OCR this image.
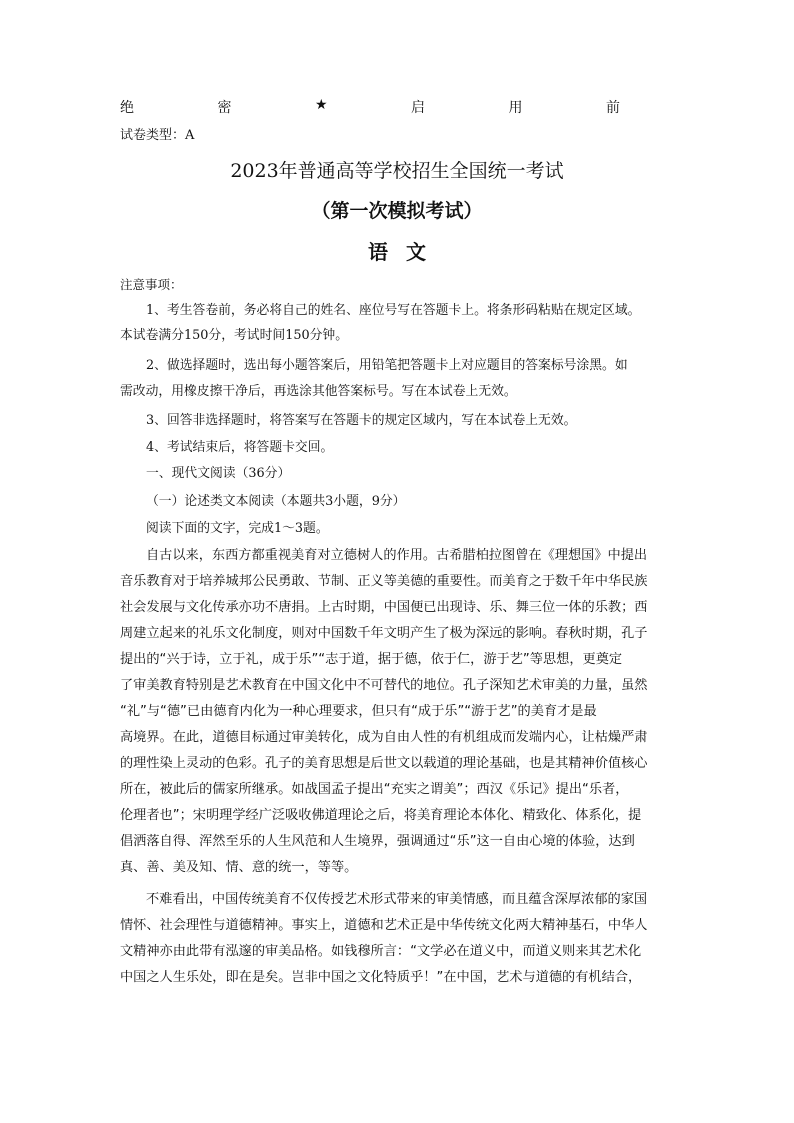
绝	密	★	启	用	前
试卷类型：A
2023年普通高等学校招生全国统一考试
（第一次模拟考试）
语文
注意事项：
1、考生答卷前，务必将自己的姓名、座位号写在答题卡上。将条形码粘贴在规定区域。
本试卷满分150分，考试时间150分钟。
2、做选择题时，选出每小题答案后，用铅笔把答题卡上对应题目的答案标号涂黑。如
需改动，用橡皮擦干净后，再选涂其他答案标号。写在本试卷上无效。
3、回答非选择题时，将答案写在答题卡的规定区域内，写在本试卷上无效。
4、考试结束后，将答题卡交回。
一、现代文阅读（36分）
（一）论述类文本阅读（本题共3小题，9分）
阅读下面的文字，完成1～3题。
自古以来，东西方都重视美育对立德树人的作用。古希腊柏拉图曾在《理想国》中提出
音乐教育对于培养城邦公民勇敢、节制、正义等美德的重要性。而美育之于数千年中华民族
社会发展与文化传承亦功不唐捐。上古时期，中国便已出现诗、乐、舞三位一体的乐教；西
周建立起来的礼乐文化制度，则对中国数千年文明产生了极为深远的影响。春秋时期，孔子
提出的“兴于诗，立于礼，成于乐”“志于道，据于德，依于仁，游于艺”等思想，更奠定
了审美教育特别是艺术教育在中国文化中不可替代的地位。孔子深知艺术审美的力量，虽然
“礼”与“德”已由德育内化为一种心理要求，但只有“成于乐”“游于艺”的美育才是最
高境界。在此，道德目标通过审美转化，成为自由人性的有机组成而发端内心，让枯燥严肃
的理性染上灵动的色彩。孔子的美育思想是后世文以载道的理论基础，也是其精神价值核心
所在，被此后的儒家所继承。如战国孟子提出“充实之谓美”；西汉《乐记》提出“乐者，
伦理者也”；宋明理学经广泛吸收佛道理论之后，将美育理论本体化、精致化、体系化，提
倡洒落自得、浑然至乐的人生风范和人生境界，强调通过“乐”这一自由心境的体验，达到
真、善、美及知、情、意的统一，等等。
不难看出，中国传统美育不仅传授艺术形式带来的审美情感，而且蕴含深厚浓郁的家国
情怀、社会理性与道德精神。事实上，道德和艺术正是中华传统文化两大精神基石，中华人
文精神亦由此带有泓邃的审美品格。如钱穆所言：“文学必在道义中，而道义则来其艺术化
中国之人生乐处，即在是矣。岂非中国之文化特质乎！”在中国，艺术与道德的有机结合，
